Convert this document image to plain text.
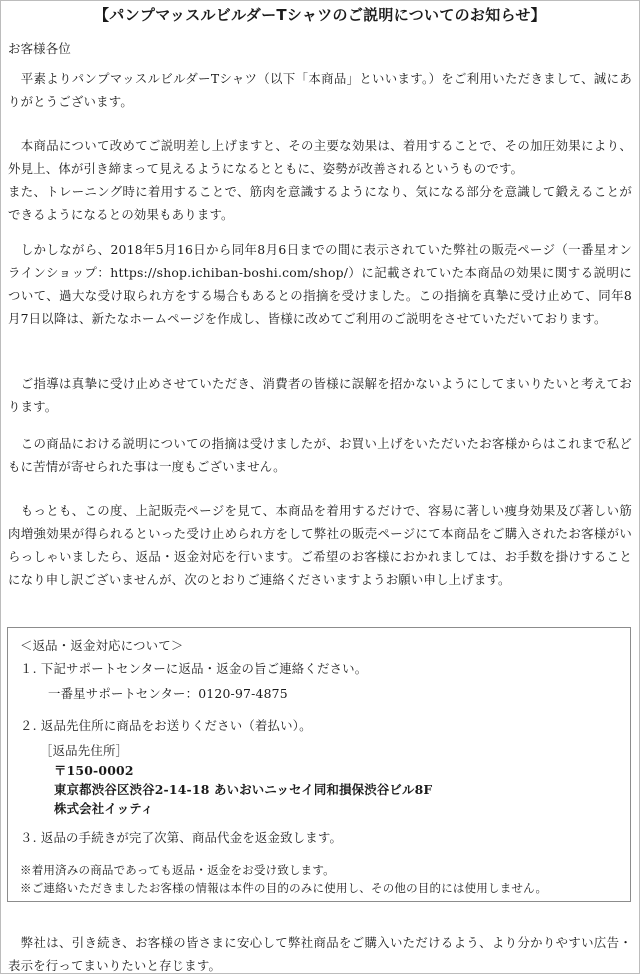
【パンプマッスルビルダーTシャツのご説明についてのお知らせ】
お客様各位

　平素よりパンプマッスルビルダーTシャツ（以下「本商品」といいます。）をご利用いただきまして、誠にありがとうございます。

　本商品について改めてご説明差し上げますと、その主要な効果は、着用することで、その加圧効果により、外見上、体が引き締まって見えるようになるとともに、姿勢が改善されるというものです。

また、トレーニング時に着用することで、筋肉を意識するようになり、気になる部分を意識して鍛えることができるようになるとの効果もあります。

　しかしながら、2018年5月16日から同年8月6日までの間に表示されていた弊社の販売ページ（一番星オンラインショップ：https://shop.ichiban-boshi.com/shop/）に記載されていた本商品の効果に関する説明について、過大な受け取られ方をする場合もあるとの指摘を受けました。この指摘を真摯に受け止めて、同年8月7日以降は、新たなホームページを作成し、皆様に改めてご利用のご説明をさせていただいております。

　ご指導は真摯に受け止めさせていただき、消費者の皆様に誤解を招かないようにしてまいりたいと考えております。

　この商品における説明についての指摘は受けましたが、お買い上げをいただいたお客様からはこれまで私どもに苦情が寄せられた事は一度もございません。

　もっとも、この度、上記販売ページを見て、本商品を着用するだけで、容易に著しい痩身効果及び著しい筋肉増強効果が得られるといった受け止められ方をして弊社の販売ページにて本商品をご購入されたお客様がいらっしゃいましたら、返品・返金対応を行います。ご希望のお客様におかれましては、お手数を掛けすることになり申し訳ございませんが、次のとおりご連絡くださいますようお願い申し上げます。

＜返品・返金対応について＞
１. 下記サポートセンターに返品・返金の旨ご連絡ください。
一番星サポートセンター：0120-97-4875
２. 返品先住所に商品をお送りください（着払い）。
［返品先住所］
〒150-0002
東京都渋谷区渋谷2-14-18 あいおいニッセイ同和損保渋谷ビル8F
株式会社イッティ
３. 返品の手続きが完了次第、商品代金を返金致します。
※着用済みの商品であっても返品・返金をお受け致します。
※ご連絡いただきましたお客様の情報は本件の目的のみに使用し、その他の目的には使用しません。

　弊社は、引き続き、お客様の皆さまに安心して弊社商品をご購入いただけるよう、より分かりやすい広告・表示を行ってまいりたいと存じます。
